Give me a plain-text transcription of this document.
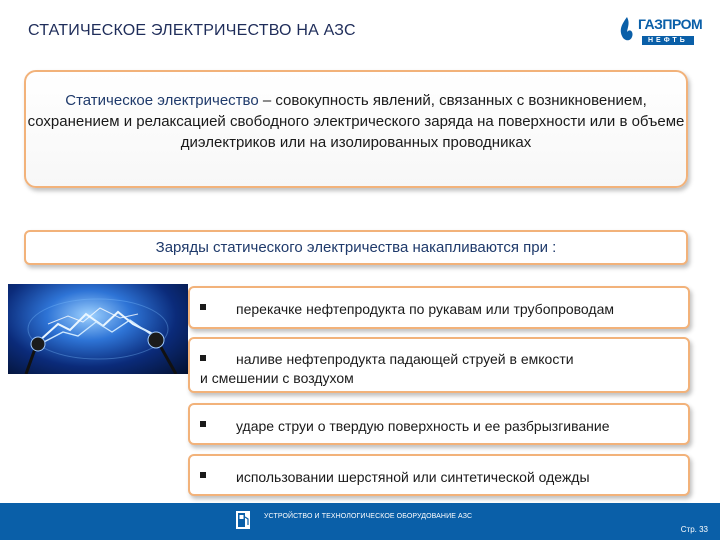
СТАТИЧЕСКОЕ ЭЛЕКТРИЧЕСТВО НА АЗС	ГАЗПРОМ
НЕФТЬ
Статическое электричество – совокупность явлений, связанных с возникновением, сохранением и релаксацией свободного электрического заряда на поверхности или в объеме диэлектриков или на изолированных проводниках
Заряды статического электричества накапливаются при :
перекачке нефтепродукта по рукавам или трубопроводам
наливе нефтепродукта падающей струей в емкости
и смешении с воздухом
ударе струи о твердую поверхность и ее разбрызгивание
использовании шерстяной или синтетической одежды
УСТРОЙСТВО И ТЕХНОЛОГИЧЕСКОЕ ОБОРУДОВАНИЕ АЗС
Стр. 33
